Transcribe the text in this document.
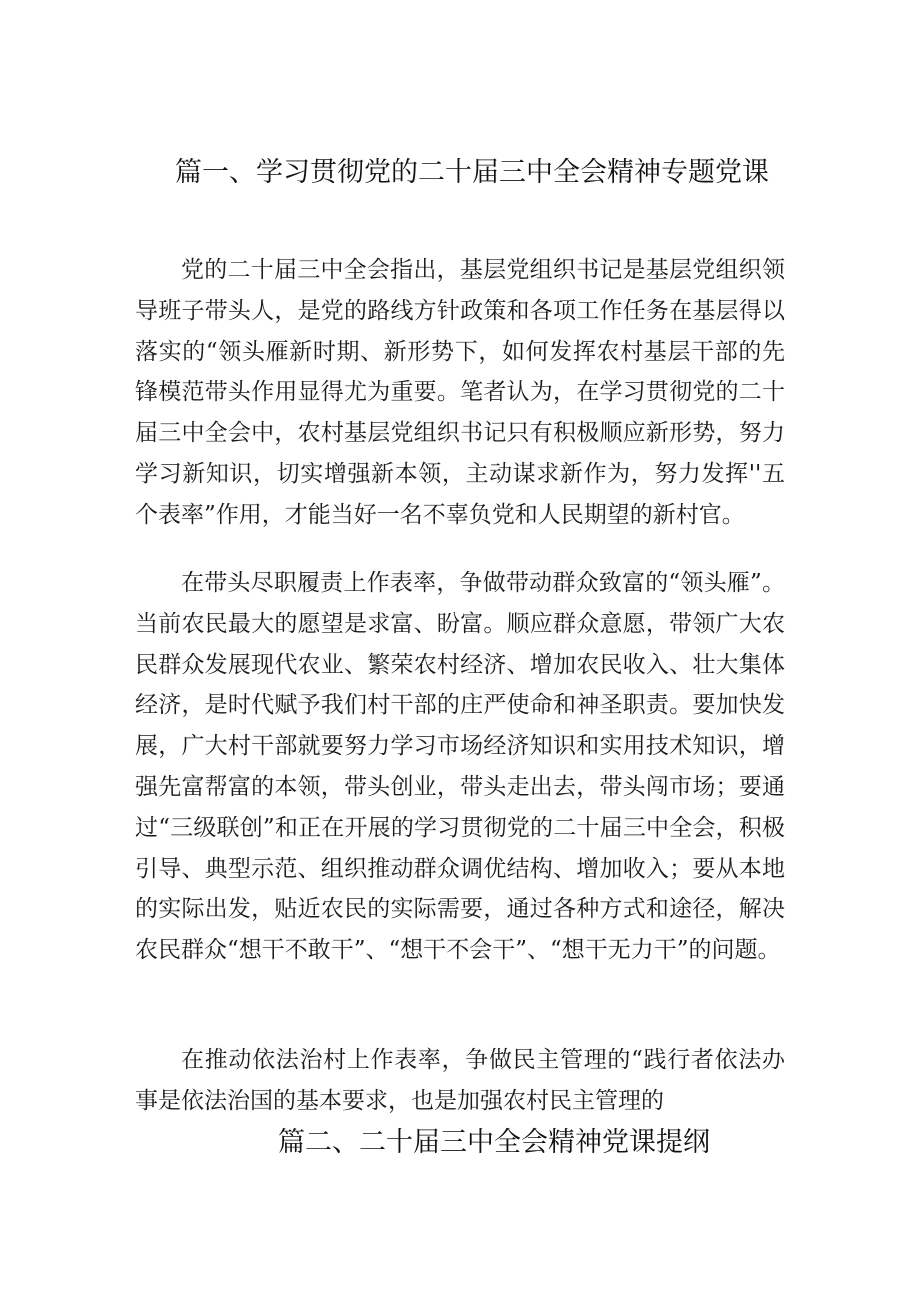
篇一、学习贯彻党的二十届三中全会精神专题党课

党的二十届三中全会指出，基层党组织书记是基层党组织领导班子带头人，是党的路线方针政策和各项工作任务在基层得以落实的“领头雁新时期、新形势下，如何发挥农村基层干部的先锋模范带头作用显得尤为重要。笔者认为，在学习贯彻党的二十届三中全会中，农村基层党组织书记只有积极顺应新形势，努力学习新知识，切实增强新本领，主动谋求新作为，努力发挥''五个表率”作用，才能当好一名不辜负党和人民期望的新村官。

在带头尽职履责上作表率，争做带动群众致富的“领头雁”。当前农民最大的愿望是求富、盼富。顺应群众意愿，带领广大农民群众发展现代农业、繁荣农村经济、增加农民收入、壮大集体经济，是时代赋予我们村干部的庄严使命和神圣职责。要加快发展，广大村干部就要努力学习市场经济知识和实用技术知识，增强先富帮富的本领，带头创业，带头走出去，带头闯市场；要通过“三级联创”和正在开展的学习贯彻党的二十届三中全会，积极引导、典型示范、组织推动群众调优结构、增加收入；要从本地的实际出发，贴近农民的实际需要，通过各种方式和途径，解决农民群众“想干不敢干”、“想干不会干”、“想干无力干”的问题。

在推动依法治村上作表率，争做民主管理的“践行者依法办事是依法治国的基本要求，也是加强农村民主管理的

篇二、二十届三中全会精神党课提纲
